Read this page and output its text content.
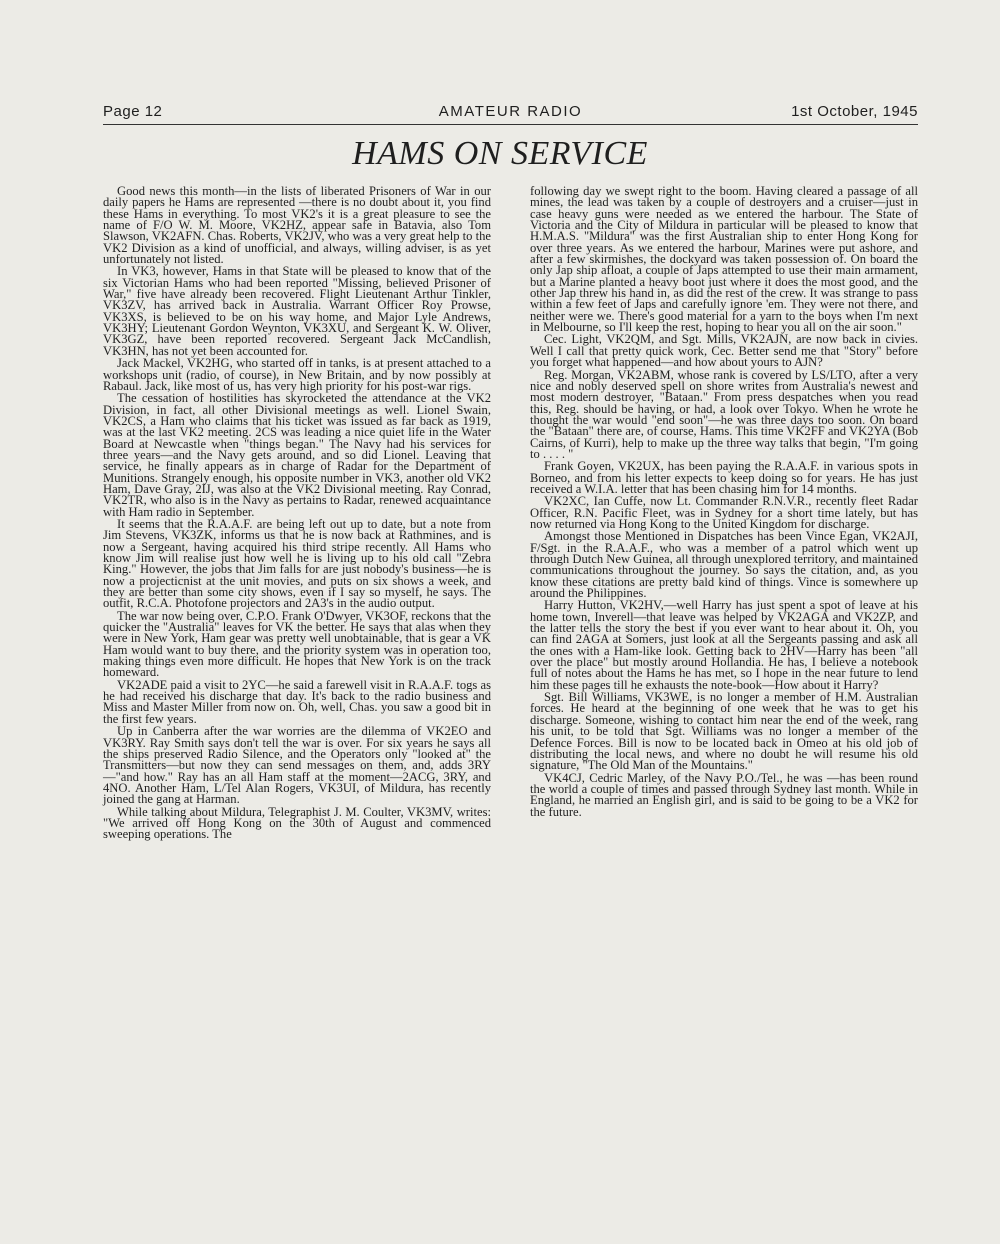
Page 12	AMATEUR RADIO	1st October, 1945
HAMS ON SERVICE

Good news this month—in the lists of liberated Prisoners of War in our daily papers he Hams are represented —there is no doubt about it, you find these Hams in everything. To most VK2's it is a great pleasure to see the name of F/O W. M. Moore, VK2HZ, appear safe in Batavia, also Tom Slawson, VK2AFN. Chas. Roberts, VK2JV, who was a very great help to the VK2 Division as a kind of unofficial, and always, willing adviser, is as yet unfortunately not listed.

In VK3, however, Hams in that State will be pleased to know that of the six Victorian Hams who had been reported "Missing, believed Prisoner of War," five have already been recovered. Flight Lieutenant Arthur Tinkler, VK3ZV, has arrived back in Australia. Warrant Officer Roy Prowse, VK3XS, is believed to be on his way home, and Major Lyle Andrews, VK3HY; Lieutenant Gordon Weynton, VK3XU, and Sergeant K. W. Oliver, VK3GZ, have been reported recovered. Sergeant Jack McCandlish, VK3HN, has not yet been accounted for.

Jack Mackel, VK2HG, who started off in tanks, is at present attached to a workshops unit (radio, of course), in New Britain, and by now possibly at Rabaul. Jack, like most of us, has very high priority for his post-war rigs.

The cessation of hostilities has skyrocketed the attendance at the VK2 Division, in fact, all other Divisional meetings as well. Lionel Swain, VK2CS, a Ham who claims that his ticket was issued as far back as 1919, was at the last VK2 meeting. 2CS was leading a nice quiet life in the Water Board at Newcastle when "things began." The Navy had his services for three years—and the Navy gets around, and so did Lionel. Leaving that service, he finally appears as in charge of Radar for the Department of Munitions. Strangely enough, his opposite number in VK3, another old VK2 Ham, Dave Gray, 2IJ, was also at the VK2 Divisional meeting. Ray Conrad, VK2TR, who also is in the Navy as pertains to Radar, renewed acquaintance with Ham radio in September.

It seems that the R.A.A.F. are being left out up to date, but a note from Jim Stevens, VK3ZK, informs us that he is now back at Rathmines, and is now a Sergeant, having acquired his third stripe recently. All Hams who know Jim will realise just how well he is living up to his old call "Zebra King." However, the jobs that Jim falls for are just nobody's business—he is now a projecticnist at the unit movies, and puts on six shows a week, and they are better than some city shows, even if I say so myself, he says. The outfit, R.C.A. Photofone projectors and 2A3's in the audio output.

The war now being over, C.P.O. Frank O'Dwyer, VK3OF, reckons that the quicker the "Australia" leaves for VK the better. He says that alas when they were in New York, Ham gear was pretty well unobtainable, that is gear a VK Ham would want to buy there, and the priority system was in operation too, making things even more difficult. He hopes that New York is on the track homeward.

VK2ADE paid a visit to 2YC—he said a farewell visit in R.A.A.F. togs as he had received his discharge that day. It's back to the radio business and Miss and Master Miller from now on. Oh, well, Chas. you saw a good bit in the first few years.

Up in Canberra after the war worries are the dilemma of VK2EO and VK3RY. Ray Smith says don't tell the war is over. For six years he says all the ships preserved Radio Silence, and the Operators only "looked at" the Transmitters—but now they can send messages on them, and, adds 3RY—"and how." Ray has an all Ham staff at the moment—2ACG, 3RY, and 4NO. Another Ham, L/Tel Alan Rogers, VK3UI, of Mildura, has recently joined the gang at Harman.

While talking about Mildura, Telegraphist J. M. Coulter, VK3MV, writes: "We arrived off Hong Kong on the 30th of August and commenced sweeping operations. The

following day we swept right to the boom. Having cleared a passage of all mines, the lead was taken by a couple of destroyers and a cruiser—just in case heavy guns were needed as we entered the harbour. The State of Victoria and the City of Mildura in particular will be pleased to know that H.M.A.S. "Mildura" was the first Australian ship to enter Hong Kong for over three years. As we entered the harbour, Marines were put ashore, and after a few skirmishes, the dockyard was taken possession of. On board the only Jap ship afloat, a couple of Japs attempted to use their main armament, but a Marine planted a heavy boot just where it does the most good, and the other Jap threw his hand in, as did the rest of the crew. It was strange to pass within a few feet of Japs and carefully ignore 'em. They were not there, and neither were we. There's good material for a yarn to the boys when I'm next in Melbourne, so I'll keep the rest, hoping to hear you all on the air soon."

Cec. Light, VK2QM, and Sgt. Mills, VK2AJN, are now back in civies. Well I call that pretty quick work, Cec. Better send me that "Story" before you forget what happened—and how about yours to AJN?

Reg. Morgan, VK2ABM, whose rank is covered by LS/LTO, after a very nice and nobly deserved spell on shore writes from Australia's newest and most modern destroyer, "Bataan." From press despatches when you read this, Reg. should be having, or had, a look over Tokyo. When he wrote he thought the war would "end soon"—he was three days too soon. On board the "Bataan" there are, of course, Hams. This time VK2FF and VK2YA (Bob Cairns, of Kurri), help to make up the three way talks that begin, "I'm going to . . . . "

Frank Goyen, VK2UX, has been paying the R.A.A.F. in various spots in Borneo, and from his letter expects to keep doing so for years. He has just received a W.I.A. letter that has been chasing him for 14 months.

VK2XC, Ian Cuffe, now Lt. Commander R.N.V.R., recently fleet Radar Officer, R.N. Pacific Fleet, was in Sydney for a short time lately, but has now returned via Hong Kong to the United Kingdom for discharge.

Amongst those Mentioned in Dispatches has been Vince Egan, VK2AJI, F/Sgt. in the R.A.A.F., who was a member of a patrol which went up through Dutch New Guinea, all through unexplored territory, and maintained communications throughout the journey. So says the citation, and, as you know these citations are pretty bald kind of things. Vince is somewhere up around the Philippines.

Harry Hutton, VK2HV,—well Harry has just spent a spot of leave at his home town, Inverell—that leave was helped by VK2AGA and VK2ZP, and the latter tells the story the best if you ever want to hear about it. Oh, you can find 2AGA at Somers, just look at all the Sergeants passing and ask all the ones with a Ham-like look. Getting back to 2HV—Harry has been "all over the place" but mostly around Hollandia. He has, I believe a notebook full of notes about the Hams he has met, so I hope in the near future to lend him these pages till he exhausts the note-book—How about it Harry?

Sgt. Bill Williams, VK3WE, is no longer a member of H.M. Australian forces. He heard at the beginning of one week that he was to get his discharge. Someone, wishing to contact him near the end of the week, rang his unit, to be told that Sgt. Williams was no longer a member of the Defence Forces. Bill is now to be located back in Omeo at his old job of distributing the local news, and where no doubt he will resume his old signature, "The Old Man of the Mountains."

VK4CJ, Cedric Marley, of the Navy P.O./Tel., he was —has been round the world a couple of times and passed through Sydney last month. While in England, he married an English girl, and is said to be going to be a VK2 for the future.
